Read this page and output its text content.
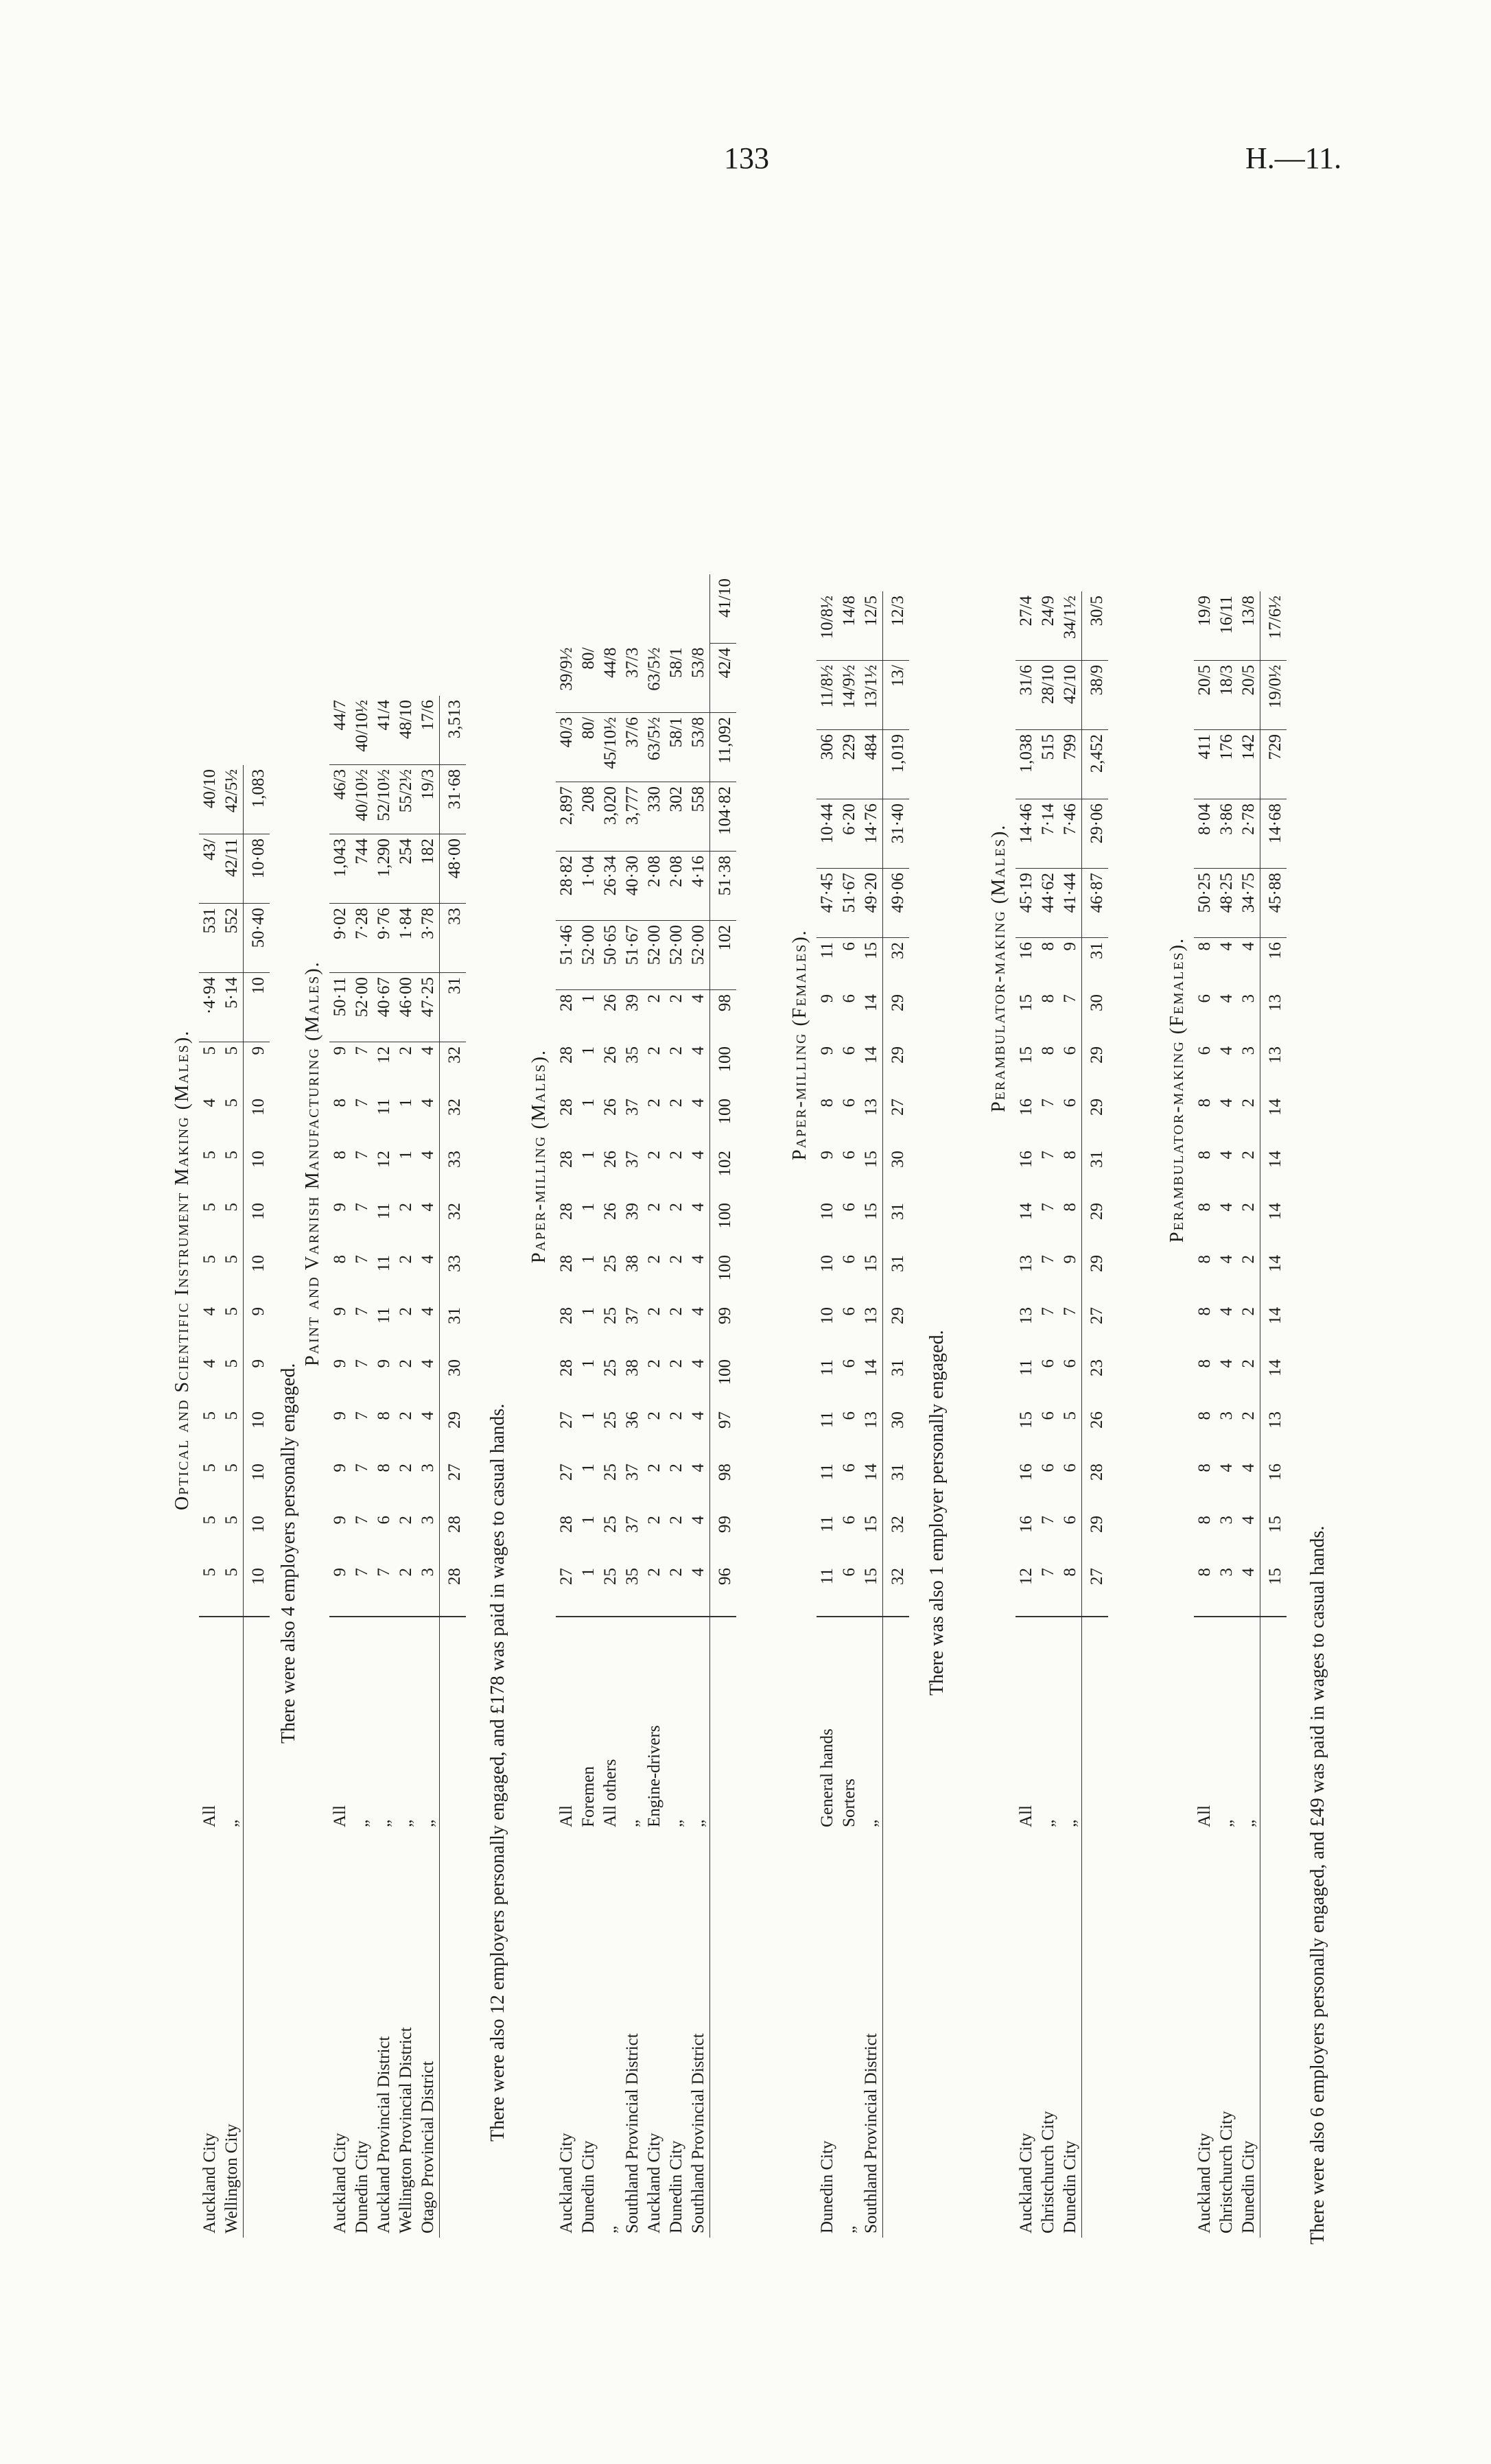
133	H.—11.
Optical and Scientific Instrument Making (Males).
Auckland City	All	5	5	5	5	4	4	5	5	5	4	5	·4·94	531	43/	40/10
Wellington City	„	5	5	5	5	5	5	5	5	5	5	5	5·14	552	42/11	42/5½
		10	10	10	10	9	9	10	10	10	10	9	10	50·40	10·08	1,083
There were also 4 employers personally engaged.
Paint and Varnish Manufacturing (Males).
Auckland City	All	9	9	9	9	9	9	8	9	8	8	9	50·11	9·02	1,043	46/3	44/7
Dunedin City	„	7	7	7	7	7	7	7	7	7	7	7	52·00	7·28	744	40/10½	40/10½
Auckland Provincial District	„	7	6	8	8	9	11	11	11	12	11	12	40·67	9·76	1,290	52/10½	41/4
Wellington Provincial District	„	2	2	2	2	2	2	2	2	1	1	2	46·00	1·84	254	55/2½	48/10
Otago Provincial District	„	3	3	3	4	4	4	4	4	4	4	4	47·25	3·78	182	19/3	17/6
		28	28	27	29	30	31	33	32	33	32	32	31	33	48·00	31·68	3,513
There were also 12 employers personally engaged, and £178 was paid in wages to casual hands.
Paper-milling (Males).
Auckland City	All	27	28	27	27	28	28	28	28	28	28	28	28	51·46	28·82	2,897	40/3	39/9½	
Dunedin City	Foremen	1	1	1	1	1	1	1	1	1	1	1	1	52·00	1·04	208	80/	80/	
„	All others	25	25	25	25	25	25	25	26	26	26	26	26	50·65	26·34	3,020	45/10½	44/8	
Southland Provincial District	„	35	37	37	36	38	37	38	39	37	37	35	39	51·67	40·30	3,777	37/6	37/3	
Auckland City	Engine-drivers	2	2	2	2	2	2	2	2	2	2	2	2	52·00	2·08	330	63/5½	63/5½	
Dunedin City	„	2	2	2	2	2	2	2	2	2	2	2	2	52·00	2·08	302	58/1	58/1	
Southland Provincial District	„	4	4	4	4	4	4	4	4	4	4	4	4	52·00	4·16	558	53/8	53/8	
		96	99	98	97	100	99	100	100	102	100	100	98	102	51·38	104·82	11,092	42/4	41/10
Paper-milling (Females).
Dunedin City	General hands	11	11	11	11	11	10	10	10	9	8	9	9	11	47·45	10·44	306	11/8½	10/8½
„	Sorters	6	6	6	6	6	6	6	6	6	6	6	6	6	51·67	6·20	229	14/9½	14/8
Southland Provincial District	„	15	15	14	13	14	13	15	15	15	13	14	14	15	49·20	14·76	484	13/1½	12/5
		32	32	31	30	31	29	31	31	30	27	29	29	32	49·06	31·40	1,019	13/	12/3
There was also 1 employer personally engaged.
Perambulator-making (Males).
Auckland City	All	12	16	16	15	11	13	13	14	16	16	15	15	16	45·19	14·46	1,038	31/6	27/4
Christchurch City	„	7	7	6	6	6	7	7	7	7	7	8	8	8	44·62	7·14	515	28/10	24/9
Dunedin City	„	8	6	6	5	6	7	9	8	8	6	6	7	9	41·44	7·46	799	42/10	34/1½
		27	29	28	26	23	27	29	29	31	29	29	30	31	46·87	29·06	2,452	38/9	30/5
Perambulator-making (Females).
Auckland City	All	8	8	8	8	8	8	8	8	8	8	6	6	8	50·25	8·04	411	20/5	19/9
Christchurch City	„	3	3	4	3	4	4	4	4	4	4	4	4	4	48·25	3·86	176	18/3	16/11
Dunedin City	„	4	4	4	2	2	2	2	2	2	2	3	3	4	34·75	2·78	142	20/5	13/8
		15	15	16	13	14	14	14	14	14	14	13	13	16	45·88	14·68	729	19/0½	17/6½
There were also 6 employers personally engaged, and £49 was paid in wages to casual hands.
